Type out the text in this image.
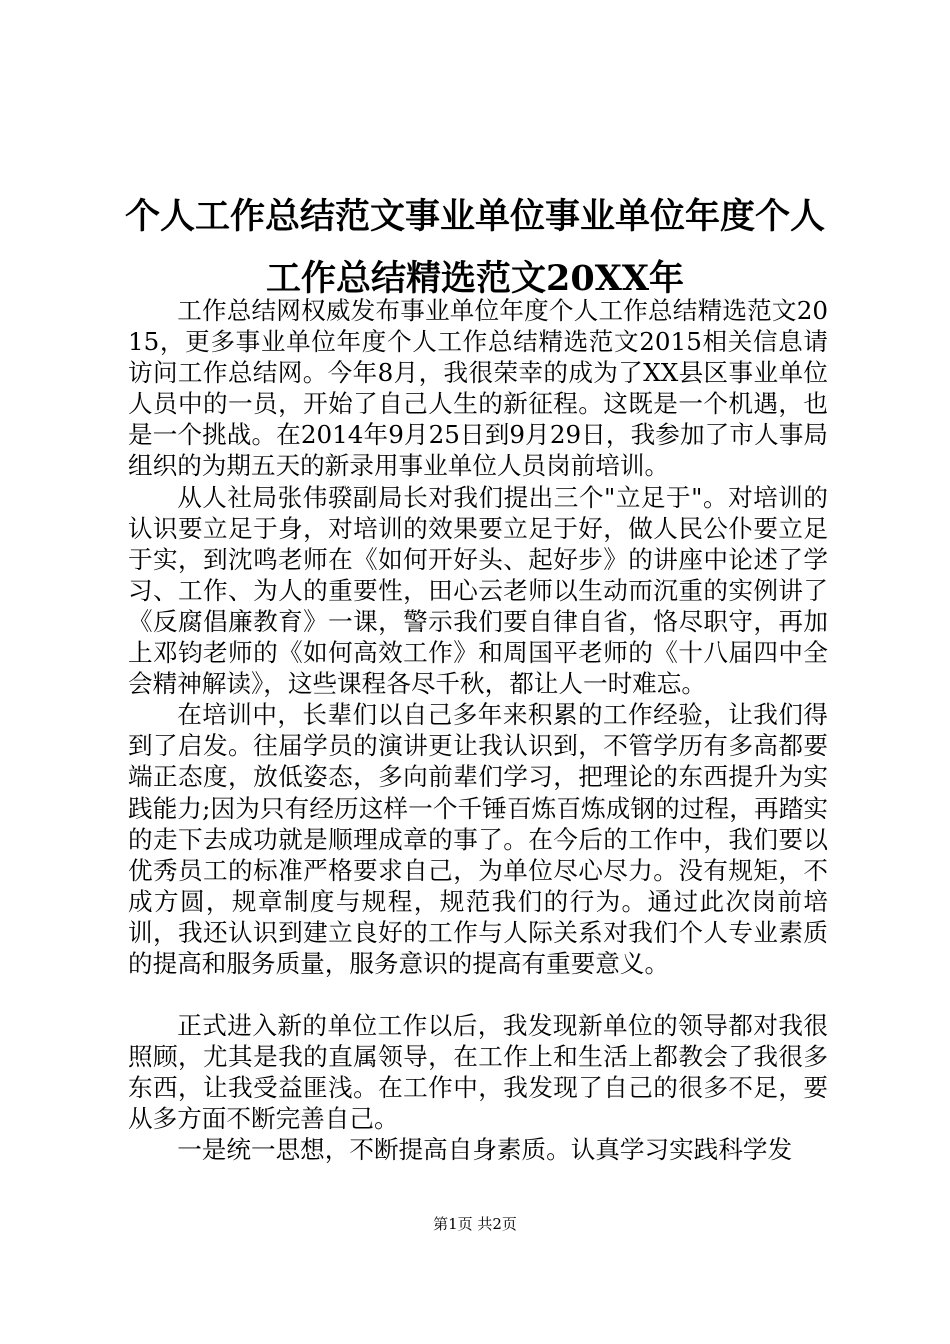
个人工作总结范文事业单位事业单位年度个人
工作总结精选范文20XX年

工作总结网权威发布事业单位年度个人工作总结精选范文2015，更多事业单位年度个人工作总结精选范文2015相关信息请访问工作总结网。今年8月，我很荣幸的成为了XX县区事业单位人员中的一员，开始了自己人生的新征程。这既是一个机遇，也是一个挑战。在2014年9月25日到9月29日，我参加了市人事局组织的为期五天的新录用事业单位人员岗前培训。

从人社局张伟骙副局长对我们提出三个"立足于"。对培训的认识要立足于身，对培训的效果要立足于好，做人民公仆要立足于实，到沈鸣老师在《如何开好头、起好步》的讲座中论述了学习、工作、为人的重要性，田心云老师以生动而沉重的实例讲了《反腐倡廉教育》一课，警示我们要自律自省，恪尽职守，再加上邓钧老师的《如何高效工作》和周国平老师的《十八届四中全会精神解读》，这些课程各尽千秋，都让人一时难忘。

在培训中，长辈们以自己多年来积累的工作经验，让我们得到了启发。往届学员的演讲更让我认识到，不管学历有多高都要端正态度，放低姿态，多向前辈们学习，把理论的东西提升为实践能力;因为只有经历这样一个千锤百炼百炼成钢的过程，再踏实的走下去成功就是顺理成章的事了。在今后的工作中，我们要以优秀员工的标准严格要求自己，为单位尽心尽力。没有规矩，不成方圆，规章制度与规程，规范我们的行为。通过此次岗前培训，我还认识到建立良好的工作与人际关系对我们个人专业素质的提高和服务质量，服务意识的提高有重要意义。

正式进入新的单位工作以后，我发现新单位的领导都对我很照顾，尤其是我的直属领导，在工作上和生活上都教会了我很多东西，让我受益匪浅。在工作中，我发现了自己的很多不足，要从多方面不断完善自己。

一是统一思想，不断提高自身素质。认真学习实践科学发

第1页 共2页
